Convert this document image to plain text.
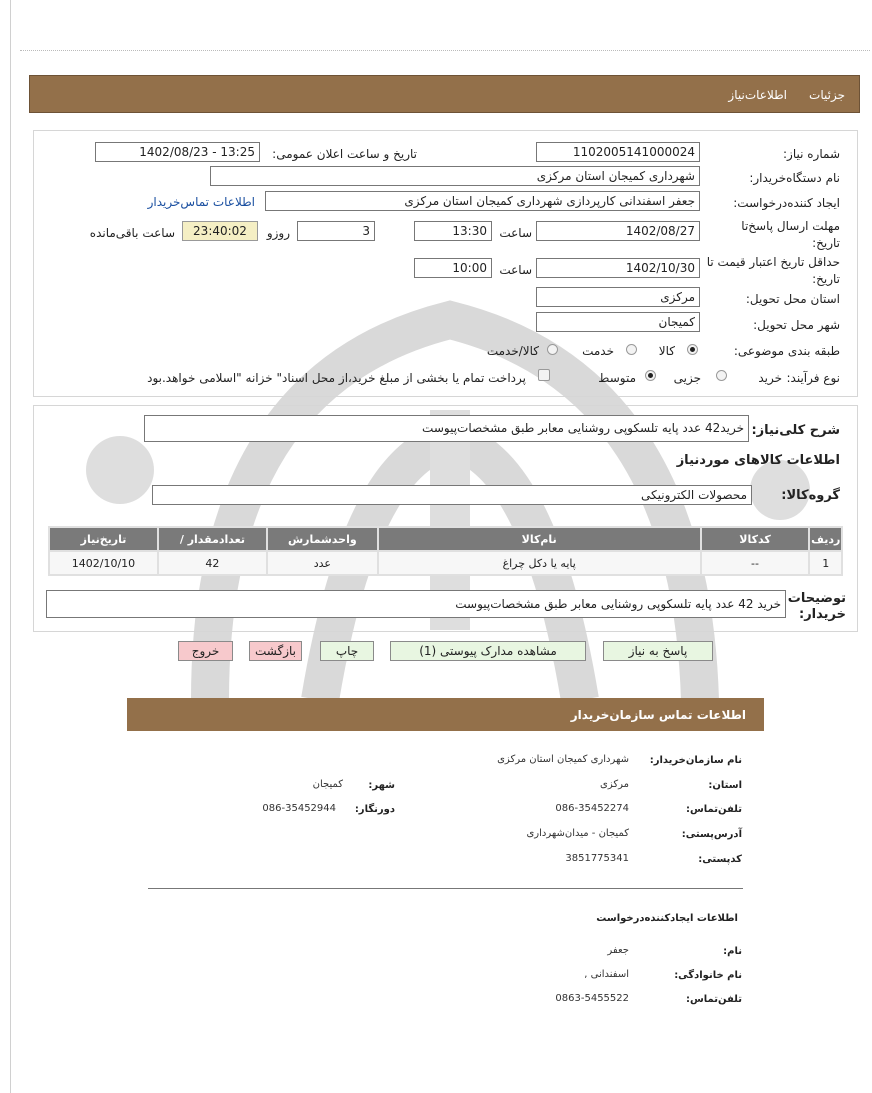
جزئیات
اطلاعات‌نیاز
شماره نیاز:
1102005141000024
تاریخ و ساعت اعلان عمومی:
1402/08/23 - 13:25
نام دستگاه‌خریدار:
شهرداری کمیجان استان مرکزی
ایجاد کننده‌درخواست:
جعفر اسفندانی کارپردازی شهرداری کمیجان استان مرکزی
اطلاعات تماس‌خریدار
مهلت ارسال پاسخ‌تا تاریخ:
1402/08/27
ساعت
13:30
3
روزو
23:40:02
ساعت باقی‌مانده
حداقل تاریخ اعتبار قیمت تا تاریخ:
1402/10/30
ساعت
10:00
استان محل تحویل:
مرکزی
شهر محل تحویل:
کمیجان
طبقه بندی موضوعی:
کالا
خدمت
کالا/خدمت
نوع فرآیند:
خرید
جزیی
متوسط
پرداخت تمام یا بخشی از مبلغ خرید،از محل اسناد" خزانه "اسلامی خواهد.بود
شرح کلی‌نیاز:
خرید42 عدد پایه تلسکوپی روشنایی معابر طبق مشخصات‌پیوست
اطلاعات کالاهای موردنیاز
گروه‌کالا:
محصولات الکترونیکی
ردیف	کدکالا	نام‌کالا	واحدشمارش	تعدادمقدار /	تاریخ‌نیاز
1	--	پایه یا دکل چراغ	عدد	42	1402/10/10
توضیحات خریدار:
خرید 42 عدد پایه تلسکوپی روشنایی معابر طبق مشخصات‌پیوست
پاسخ به نیاز
مشاهده مدارک پیوستی (1)
چاپ
بازگشت
خروج
اطلاعات تماس سازمان‌خریدار
نام سازمان‌خریدار:
شهرداری کمیجان استان مرکزی
استان:
مرکزی
شهر:
کمیجان
تلفن‌تماس:
086-35452274
دورنگار:
086-35452944
آدرس‌پستی:
کمیجان - میدان‌شهرداری
کدپستی:
3851775341
اطلاعات ایجادکننده‌درخواست
نام:
جعفر
نام خانوادگی:
اسفندانی ,
تلفن‌تماس:
0863-5455522
